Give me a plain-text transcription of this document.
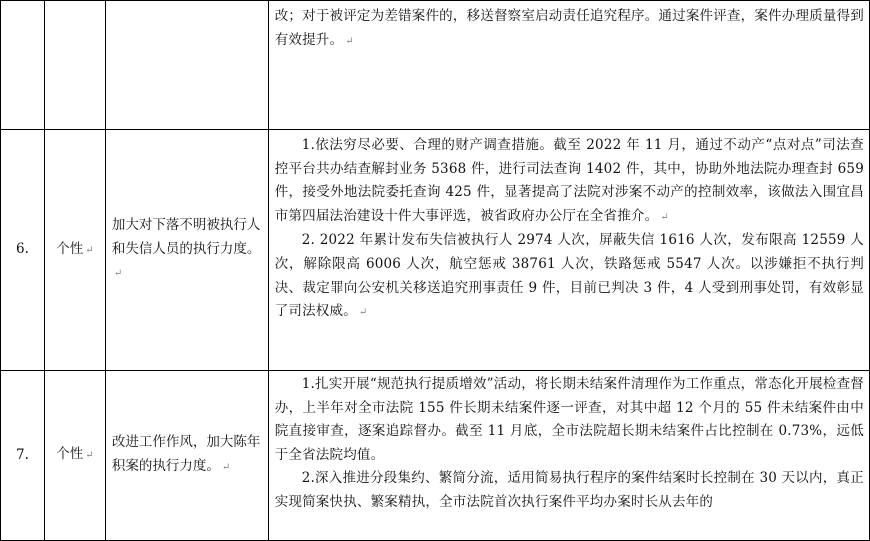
			改；对于被评定为差错案件的，移送督察室启动责任追究程序。通过案件评查，案件办理质量得到有效提升。 ↵

6.	个性 ↵	加大对下落不明被执行人和失信人员的执行力度。↵	1.依法穷尽必要、合理的财产调查措施。截至 2022 年 11 月，通过不动产“点对点”司法查控平台共办结查解封业务 5368 件，进行司法查询 1402 件，其中，协助外地法院办理查封 659 件，接受外地法院委托查询 425 件，显著提高了法院对涉案不动产的控制效率，该做法入围宜昌市第四届法治建设十件大事评选，被省政府办公厅在全省推介。 ↵

2. 2022 年累计发布失信被执行人 2974 人次，屏蔽失信 1616 人次，发布限高 12559 人次，解除限高 6006 人次，航空惩戒 38761 人次，铁路惩戒 5547 人次。以涉嫌拒不执行判决、裁定罪向公安机关移送追究刑事责任 9 件，目前已判决 3 件，4 人受到刑事处罚，有效彰显了司法权威。 ↵

7.	个性 ↵	改进工作作风，加大陈年积案的执行力度。 ↵	1.扎实开展“规范执行提质增效”活动，将长期未结案件清理作为工作重点，常态化开展检查督办，上半年对全市法院 155 件长期未结案件逐一评查，对其中超 12 个月的 55 件未结案件由中院直接审查，逐案追踪督办。截至 11 月底，全市法院超长期未结案件占比控制在 0.73%，远低于全省法院均值。

2.深入推进分段集约、繁简分流，适用简易执行程序的案件结案时长控制在 30 天以内，真正实现简案快执、繁案精执，全市法院首次执行案件平均办案时长从去年的
